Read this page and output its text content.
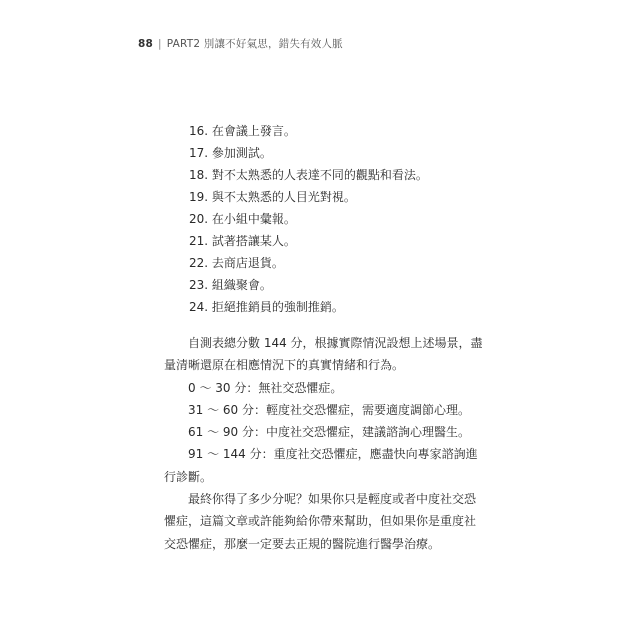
88 | PART2 別讓不好氣思，錯失有效人脈
16. 在會議上發言。
17. 參加測試。
18. 對不太熟悉的人表達不同的觀點和看法。
19. 與不太熟悉的人目光對視。
20. 在小組中彙報。
21. 試著搭讓某人。
22. 去商店退貨。
23. 組織聚會。
24. 拒絕推銷員的強制推銷。

自測表總分數 144 分，根據實際情況設想上述場景，盡量清晰還原在相應情況下的真實情緒和行為。

0 ～ 30 分：無社交恐懼症。

31 ～ 60 分：輕度社交恐懼症，需要適度調節心理。

61 ～ 90 分：中度社交恐懼症，建議諮詢心理醫生。

91 ～ 144 分：重度社交恐懼症，應盡快向專家諮詢進行診斷。

最終你得了多少分呢？如果你只是輕度或者中度社交恐懼症，這篇文章或許能夠給你帶來幫助，但如果你是重度社交恐懼症，那麼一定要去正規的醫院進行醫學治療。
